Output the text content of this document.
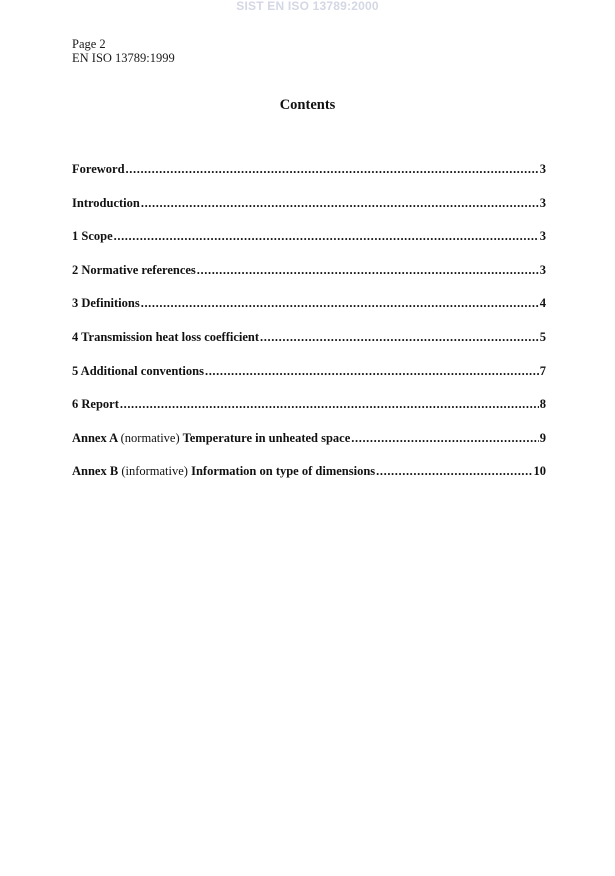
SIST EN ISO 13789:2000
Page 2
EN ISO 13789:1999
Contents
Foreword .....	3
Introduction .....	3
1 Scope .....	3
2 Normative references .....	3
3 Definitions .....	4
4 Transmission heat loss coefficient .....	5
5 Additional conventions .....	7
6 Report .....	8
Annex A (normative) Temperature in unheated space .....	9
Annex B (informative) Information on type of dimensions .....	10
